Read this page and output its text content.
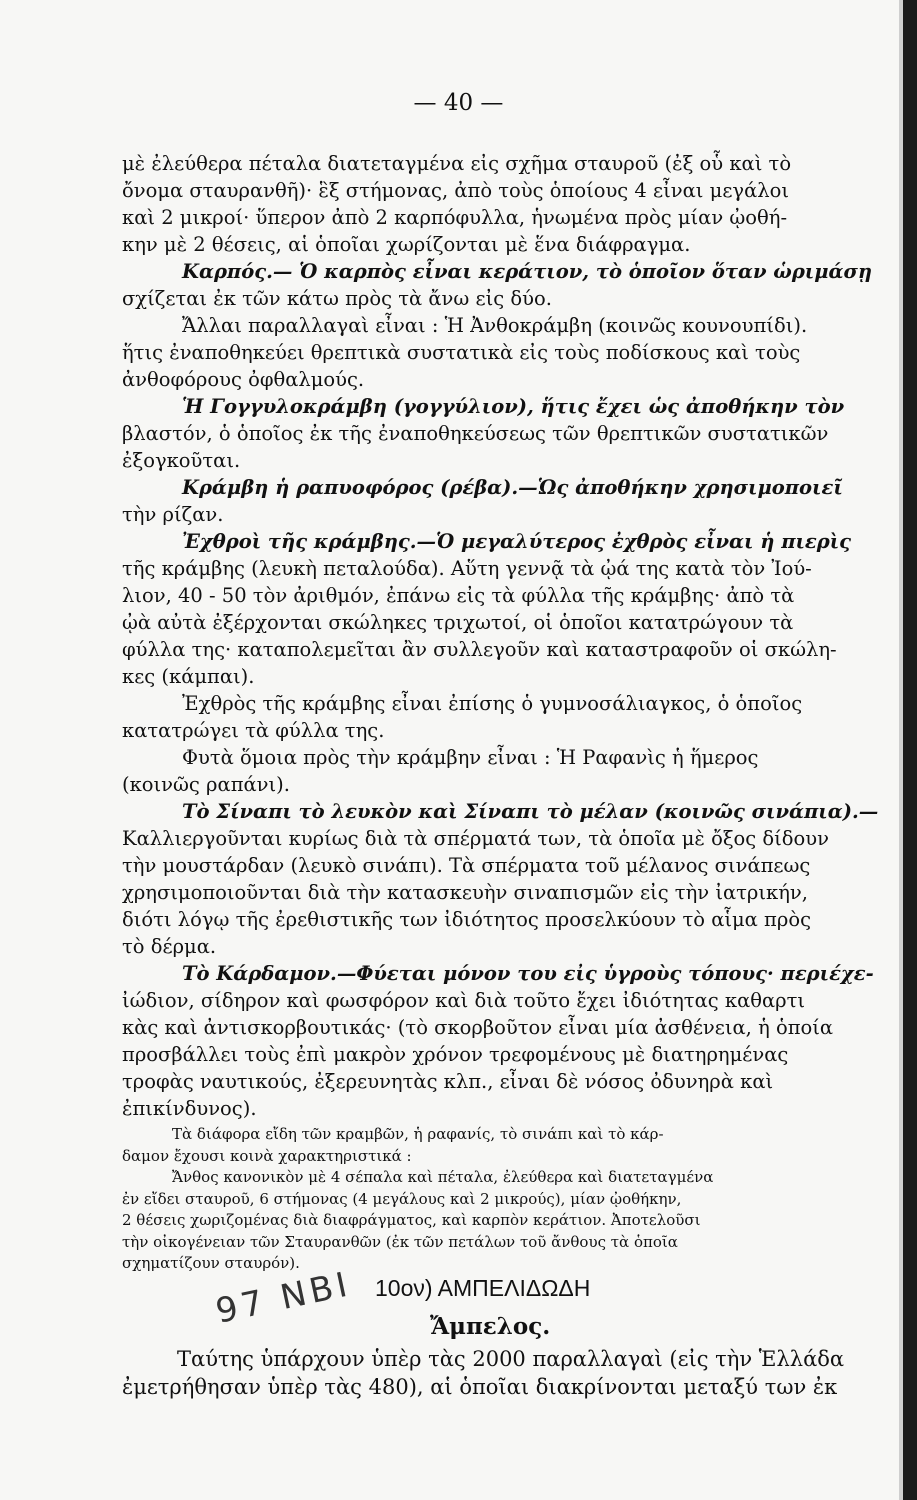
— 40 —
μὲ ἐλεύθερα πέταλα διατεταγμένα εἰς σχῆμα σταυροῦ (ἐξ οὗ καὶ τὸ
ὄνομα σταυρανθῆ)· ἓξ στήμονας, ἀπὸ τοὺς ὁποίους 4 εἶναι μεγάλοι
καὶ 2 μικροί· ὕπερον ἀπὸ 2 καρπόφυλλα, ἡνωμένα πρὸς μίαν ᾠοθή-
κην μὲ 2 θέσεις, αἱ ὁποῖαι χωρίζονται μὲ ἕνα διάφραγμα.
Καρπός.— Ὁ καρπὸς εἶναι κεράτιον, τὸ ὁποῖον ὅταν ὡριμάσῃ
σχίζεται ἐκ τῶν κάτω πρὸς τὰ ἄνω εἰς δύο.
Ἄλλαι παραλλαγαὶ εἶναι : Ἡ Ἀνθοκράμβη (κοινῶς κουνουπίδι).
ἥτις ἐναποθηκεύει θρεπτικὰ συστατικὰ εἰς τοὺς ποδίσκους καὶ τοὺς
ἀνθοφόρους ὀφθαλμούς.
Ἡ Γογγυλοκράμβη (γογγύλιον), ἥτις ἔχει ὡς ἀποθήκην τὸν
βλαστόν, ὁ ὁποῖος ἐκ τῆς ἐναποθηκεύσεως τῶν θρεπτικῶν συστατικῶν
ἐξογκοῦται.
Κράμβη ἡ ραπυοφόρος (ρέβα).—Ὡς ἀποθήκην χρησιμοποιεῖ
τὴν ρίζαν.
Ἐχθροὶ τῆς κράμβης.—Ὁ μεγαλύτερος ἐχθρὸς εἶναι ἡ πιερὶς
τῆς κράμβης (λευκὴ πεταλούδα). Αὕτη γεννᾷ τὰ ᾠά της κατὰ τὸν Ἰού-
λιον, 40 - 50 τὸν ἀριθμόν, ἐπάνω εἰς τὰ φύλλα τῆς κράμβης· ἀπὸ τὰ
ᾠὰ αὐτὰ ἐξέρχονται σκώληκες τριχωτοί, οἱ ὁποῖοι κατατρώγουν τὰ
φύλλα της· καταπολεμεῖται ἂν συλλεγοῦν καὶ καταστραφοῦν οἱ σκώλη-
κες (κάμπαι).
Ἐχθρὸς τῆς κράμβης εἶναι ἐπίσης ὁ γυμνοσάλιαγκος, ὁ ὁποῖος
κατατρώγει τὰ φύλλα της.
Φυτὰ ὅμοια πρὸς τὴν κράμβην εἶναι : Ἡ Ραφανὶς ἡ ἥμερος
(κοινῶς ραπάνι).
Τὸ Σίναπι τὸ λευκὸν καὶ Σίναπι τὸ μέλαν (κοινῶς σινάπια).—
Καλλιεργοῦνται κυρίως διὰ τὰ σπέρματά των, τὰ ὁποῖα μὲ ὄξος δίδουν
τὴν μουστάρδαν (λευκὸ σινάπι). Τὰ σπέρματα τοῦ μέλανος σινάπεως
χρησιμοποιοῦνται διὰ τὴν κατασκευὴν σιναπισμῶν εἰς τὴν ἰατρικήν,
διότι λόγῳ τῆς ἐρεθιστικῆς των ἰδιότητος προσελκύουν τὸ αἷμα πρὸς
τὸ δέρμα.
Τὸ Κάρδαμον.—Φύεται μόνον του εἰς ὑγροὺς τόπους· περιέχε-
ἰώδιον, σίδηρον καὶ φωσφόρον καὶ διὰ τοῦτο ἔχει ἰδιότητας καθαρτι
κὰς καὶ ἀντισκορβουτικάς· (τὸ σκορβοῦτον εἶναι μία ἀσθένεια, ἡ ὁποία
προσβάλλει τοὺς ἐπὶ μακρὸν χρόνον τρεφομένους μὲ διατηρημένας
τροφὰς ναυτικούς, ἐξερευνητὰς κλπ., εἶναι δὲ νόσος ὀδυνηρὰ καὶ
ἐπικίνδυνος).
Τὰ διάφορα εἴδη τῶν κραμβῶν, ἡ ραφανίς, τὸ σινάπι καὶ τὸ κάρ-
δαμον ἔχουσι κοινὰ χαρακτηριστικά :
Ἄνθος κανονικὸν μὲ 4 σέπαλα καὶ πέταλα, ἐλεύθερα καὶ διατεταγμένα
ἐν εἴδει σταυροῦ, 6 στήμονας (4 μεγάλους καὶ 2 μικρούς), μίαν ᾠοθήκην,
2 θέσεις χωριζομένας διὰ διαφράγματος, καὶ καρπὸν κεράτιον. Ἀποτελοῦσι
τὴν οἰκογένειαν τῶν Σταυρανθῶν (ἐκ τῶν πετάλων τοῦ ἄνθους τὰ ὁποῖα
σχηματίζουν σταυρόν).
97 ΝΒΙ 10ον) ΑΜΠΕΛΙΔΩΔΗ
Ἄμπελος.
Ταύτης ὑπάρχουν ὑπὲρ τὰς 2000 παραλλαγαὶ (εἰς τὴν Ἑλλάδα
ἐμετρήθησαν ὑπὲρ τὰς 480), αἱ ὁποῖαι διακρίνονται μεταξύ των ἐκ
